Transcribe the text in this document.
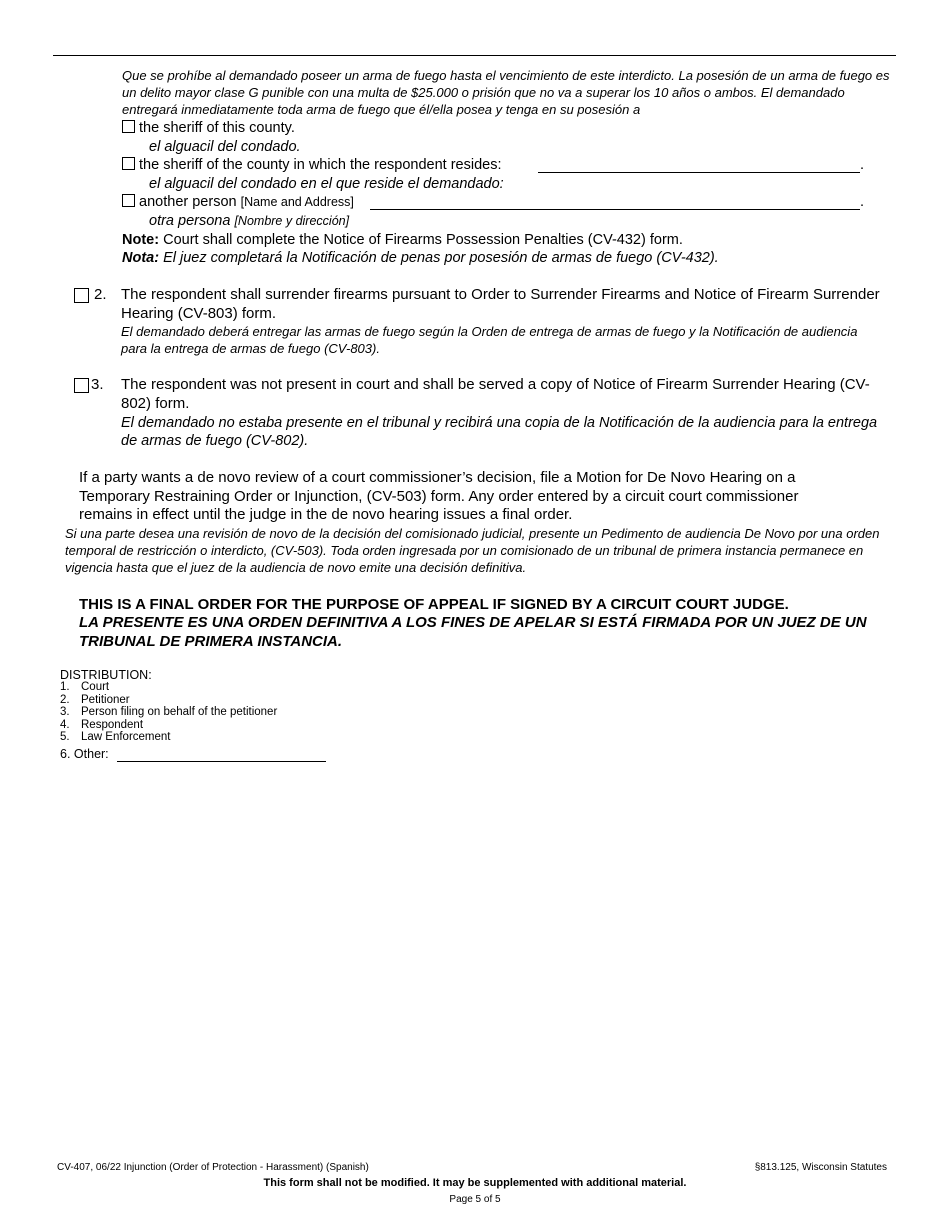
Que se prohíbe al demandado poseer un arma de fuego hasta el vencimiento de este interdicto. La posesión de un arma de fuego es un delito mayor clase G punible con una multa de $25.000 o prisión que no va a superar los 10 años o ambos. El demandado entregará inmediatamente toda arma de fuego que él/ella posea y tenga en su posesión a
the sheriff of this county.
el alguacil del condado.
the sheriff of the county in which the respondent resides:	.
el alguacil del condado en el que reside el demandado:
another person [Name and Address]	.
otra persona [Nombre y dirección]
Note: Court shall complete the Notice of Firearms Possession Penalties (CV-432) form.
Nota: El juez completará la Notificación de penas por posesión de armas de fuego (CV-432).
2. The respondent shall surrender firearms pursuant to Order to Surrender Firearms and Notice of Firearm Surrender Hearing (CV-803) form.
El demandado deberá entregar las armas de fuego según la Orden de entrega de armas de fuego y la Notificación de audiencia para la entrega de armas de fuego (CV-803).
3. The respondent was not present in court and shall be served a copy of Notice of Firearm Surrender Hearing (CV-802) form.
El demandado no estaba presente en el tribunal y recibirá una copia de la Notificación de la audiencia para la entrega de armas de fuego (CV-802).
If a party wants a de novo review of a court commissioner’s decision, file a Motion for De Novo Hearing on a Temporary Restraining Order or Injunction, (CV-503) form. Any order entered by a circuit court commissioner remains in effect until the judge in the de novo hearing issues a final order.
Si una parte desea una revisión de novo de la decisión del comisionado judicial, presente un Pedimento de audiencia De Novo por una orden temporal de restricción o interdicto, (CV-503). Toda orden ingresada por un comisionado de un tribunal de primera instancia permanece en vigencia hasta que el juez de la audiencia de novo emite una decisión definitiva.
THIS IS A FINAL ORDER FOR THE PURPOSE OF APPEAL IF SIGNED BY A CIRCUIT COURT JUDGE.
LA PRESENTE ES UNA ORDEN DEFINITIVA A LOS FINES DE APELAR SI ESTÁ FIRMADA POR UN JUEZ DE UN TRIBUNAL DE PRIMERA INSTANCIA.
DISTRIBUTION:
1. Court
2. Petitioner
3. Person filing on behalf of the petitioner
4. Respondent
5. Law Enforcement
6. Other:
CV-407, 06/22 Injunction (Order of Protection - Harassment) (Spanish)	§813.125, Wisconsin Statutes
This form shall not be modified. It may be supplemented with additional material.
Page 5 of 5
